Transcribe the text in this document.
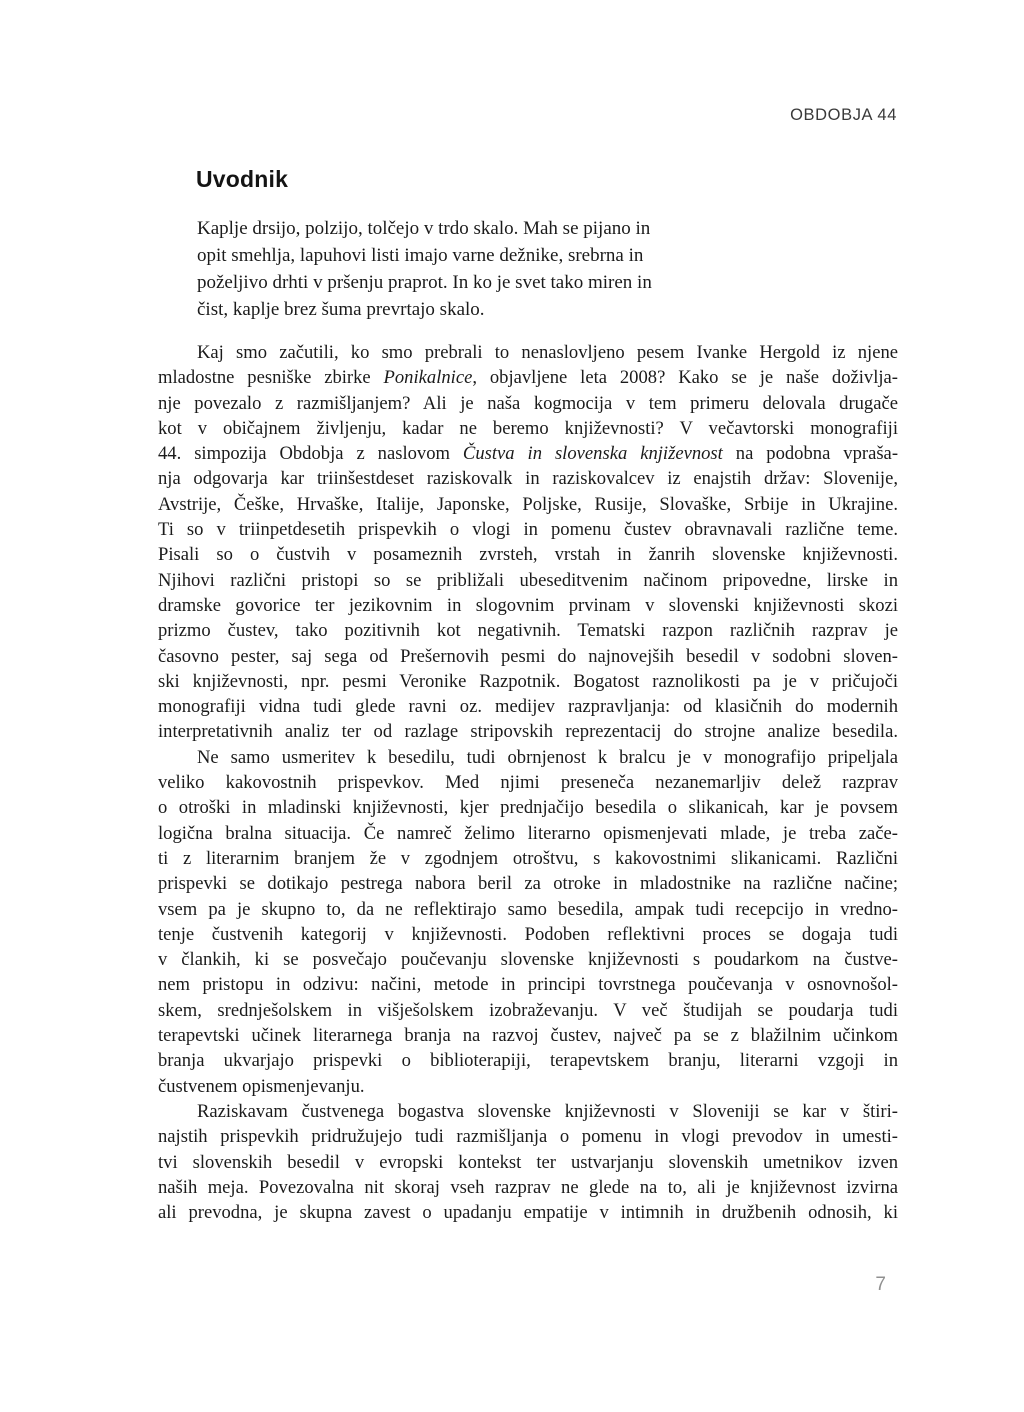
OBDOBJA 44
Uvodnik
Kaplje drsijo, polzijo, tolčejo v trdo skalo. Mah se pijano in
opit smehlja, lapuhovi listi imajo varne dežnike, srebrna in
poželjivo drhti v pršenju praprot. In ko je svet tako miren in
čist, kaplje brez šuma prevrtajo skalo.
Kaj smo začutili, ko smo prebrali to nenaslovljeno pesem Ivanke Hergold iz njene
mladostne pesniške zbirke Ponikalnice, objavljene leta 2008? Kako se je naše doživlja-
nje povezalo z razmišljanjem? Ali je naša kogmocija v tem primeru delovala drugače
kot v običajnem življenju, kadar ne beremo književnosti? V večavtorski monografiji
44. simpozija Obdobja z naslovom Čustva in slovenska književnost na podobna vpraša-
nja odgovarja kar triinšestdeset raziskovalk in raziskovalcev iz enajstih držav: Slovenije,
Avstrije, Češke, Hrvaške, Italije, Japonske, Poljske, Rusije, Slovaške, Srbije in Ukrajine.
Ti so v triinpetdesetih prispevkih o vlogi in pomenu čustev obravnavali različne teme.
Pisali so o čustvih v posameznih zvrsteh, vrstah in žanrih slovenske književnosti.
Njihovi različni pristopi so se približali ubeseditvenim načinom pripovedne, lirske in
dramske govorice ter jezikovnim in slogovnim prvinam v slovenski književnosti skozi
prizmo čustev, tako pozitivnih kot negativnih. Tematski razpon različnih razprav je
časovno pester, saj sega od Prešernovih pesmi do najnovejših besedil v sodobni sloven-
ski književnosti, npr. pesmi Veronike Razpotnik. Bogatost raznolikosti pa je v pričujoči
monografiji vidna tudi glede ravni oz. medijev razpravljanja: od klasičnih do modernih
interpretativnih analiz ter od razlage stripovskih reprezentacij do strojne analize besedila.
Ne samo usmeritev k besedilu, tudi obrnjenost k bralcu je v monografijo pripeljala
veliko kakovostnih prispevkov. Med njimi preseneča nezanemarljiv delež razprav
o otroški in mladinski književnosti, kjer prednjačijo besedila o slikanicah, kar je povsem
logična bralna situacija. Če namreč želimo literarno opismenjevati mlade, je treba zače-
ti z literarnim branjem že v zgodnjem otroštvu, s kakovostnimi slikanicami. Različni
prispevki se dotikajo pestrega nabora beril za otroke in mladostnike na različne načine;
vsem pa je skupno to, da ne reflektirajo samo besedila, ampak tudi recepcijo in vredno-
tenje čustvenih kategorij v književnosti. Podoben reflektivni proces se dogaja tudi
v člankih, ki se posvečajo poučevanju slovenske književnosti s poudarkom na čustve-
nem pristopu in odzivu: načini, metode in principi tovrstnega poučevanja v osnovnošol-
skem, srednješolskem in višješolskem izobraževanju. V več študijah se poudarja tudi
terapevtski učinek literarnega branja na razvoj čustev, največ pa se z blažilnim učinkom
branja ukvarjajo prispevki o biblioterapiji, terapevtskem branju, literarni vzgoji in
čustvenem opismenjevanju.
Raziskavam čustvenega bogastva slovenske književnosti v Sloveniji se kar v štiri-
najstih prispevkih pridružujejo tudi razmišljanja o pomenu in vlogi prevodov in umesti-
tvi slovenskih besedil v evropski kontekst ter ustvarjanju slovenskih umetnikov izven
naših meja. Povezovalna nit skoraj vseh razprav ne glede na to, ali je književnost izvirna
ali prevodna, je skupna zavest o upadanju empatije v intimnih in družbenih odnosih, ki
7
